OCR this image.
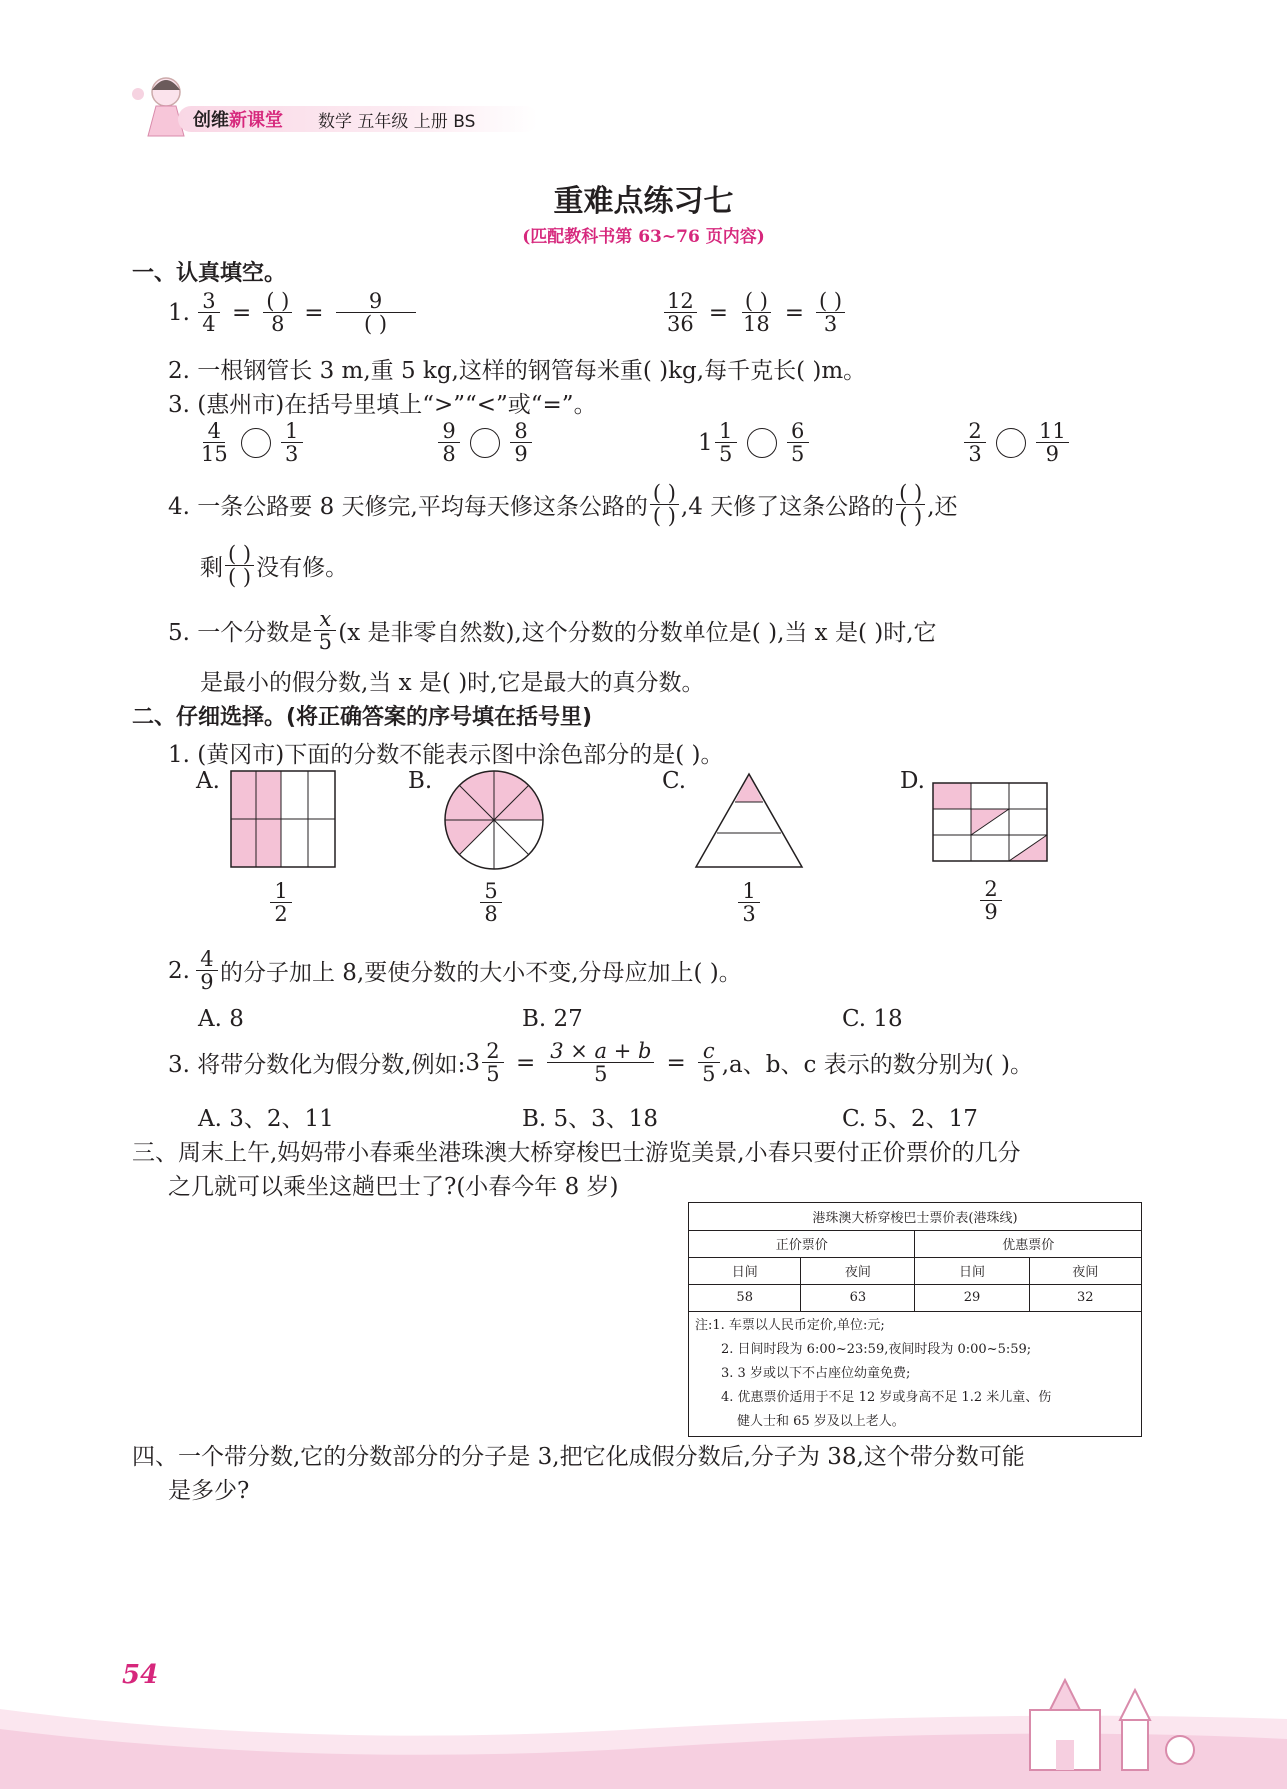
创维新课堂 数学 五年级 上册 BS
重难点练习七
(匹配教科书第 63~76 页内容)
一、认真填空。
1. $\frac{3}{4} = \frac{( )}{8} = \frac{9}{( )}$	$\frac{12}{36} = \frac{( )}{18} = \frac{( )}{3}$
2. 一根钢管长 3 m,重 5 kg,这样的钢管每米重( )kg,每千克长( )m。
3. (惠州市)在括号里填上“>”“<”或“=”。
$\frac{4}{15} \frac{1}{3}$	$\frac{9}{8} \frac{8}{9}$	$1 \frac{1}{5} \frac{6}{5}$	$\frac{2}{3} \frac{11}{9}$
4. 一条公路要 8 天修完,平均每天修这条公路的 $\frac{( )}{( )} ,4$ 天修了这条公路的 $\frac{( )}{( )}$ ,还
剩 $\frac{( )}{( )}$ 没有修。
5. 一个分数是 $\frac{x}{5} (x$ 是非零自然数),这个分数的分数单位是( ),当 x 是( )时,它
是最小的假分数,当 x 是( )时,它是最大的真分数。
二、仔细选择。(将正确答案的序号填在括号里)
1. (黄冈市)下面的分数不能表示图中涂色部分的是( )。
A.
$\frac{1}{2}$
B.
$\frac{5}{8}$
C.
$\frac{1}{3}$
D.
$\frac{2}{9}$
2. $\frac{4}{9}$ 的分子加上 8,要使分数的大小不变,分母应加上( )。
A. 8	B. 27	C. 18
3. 将带分数化为假分数,例如: $3 \frac{2}{5} = \frac{3 \times a + b}{5} = \frac{c}{5} ,a$、b、c 表示的数分别为( )。
A. 3、2、11	B. 5、3、18	C. 5、2、17
三、周末上午,妈妈带小春乘坐港珠澳大桥穿梭巴士游览美景,小春只要付正价票价的几分
之几就可以乘坐这趟巴士了?(小春今年 8 岁)
港珠澳大桥穿梭巴士票价表(港珠线)			
正价票价		优惠票价	
日间	夜间	日间	夜间
58	63	29	32
注:1. 车票以人民币定价,单位:元;
2. 日间时段为 6:00~23:59,夜间时段为 0:00~5:59;
3. 3 岁或以下不占座位幼童免费;
4. 优惠票价适用于不足 12 岁或身高不足 1.2 米儿童、伤
健人士和 65 岁及以上老人。
四、一个带分数,它的分数部分的分子是 3,把它化成假分数后,分子为 38,这个带分数可能
是多少?
54
